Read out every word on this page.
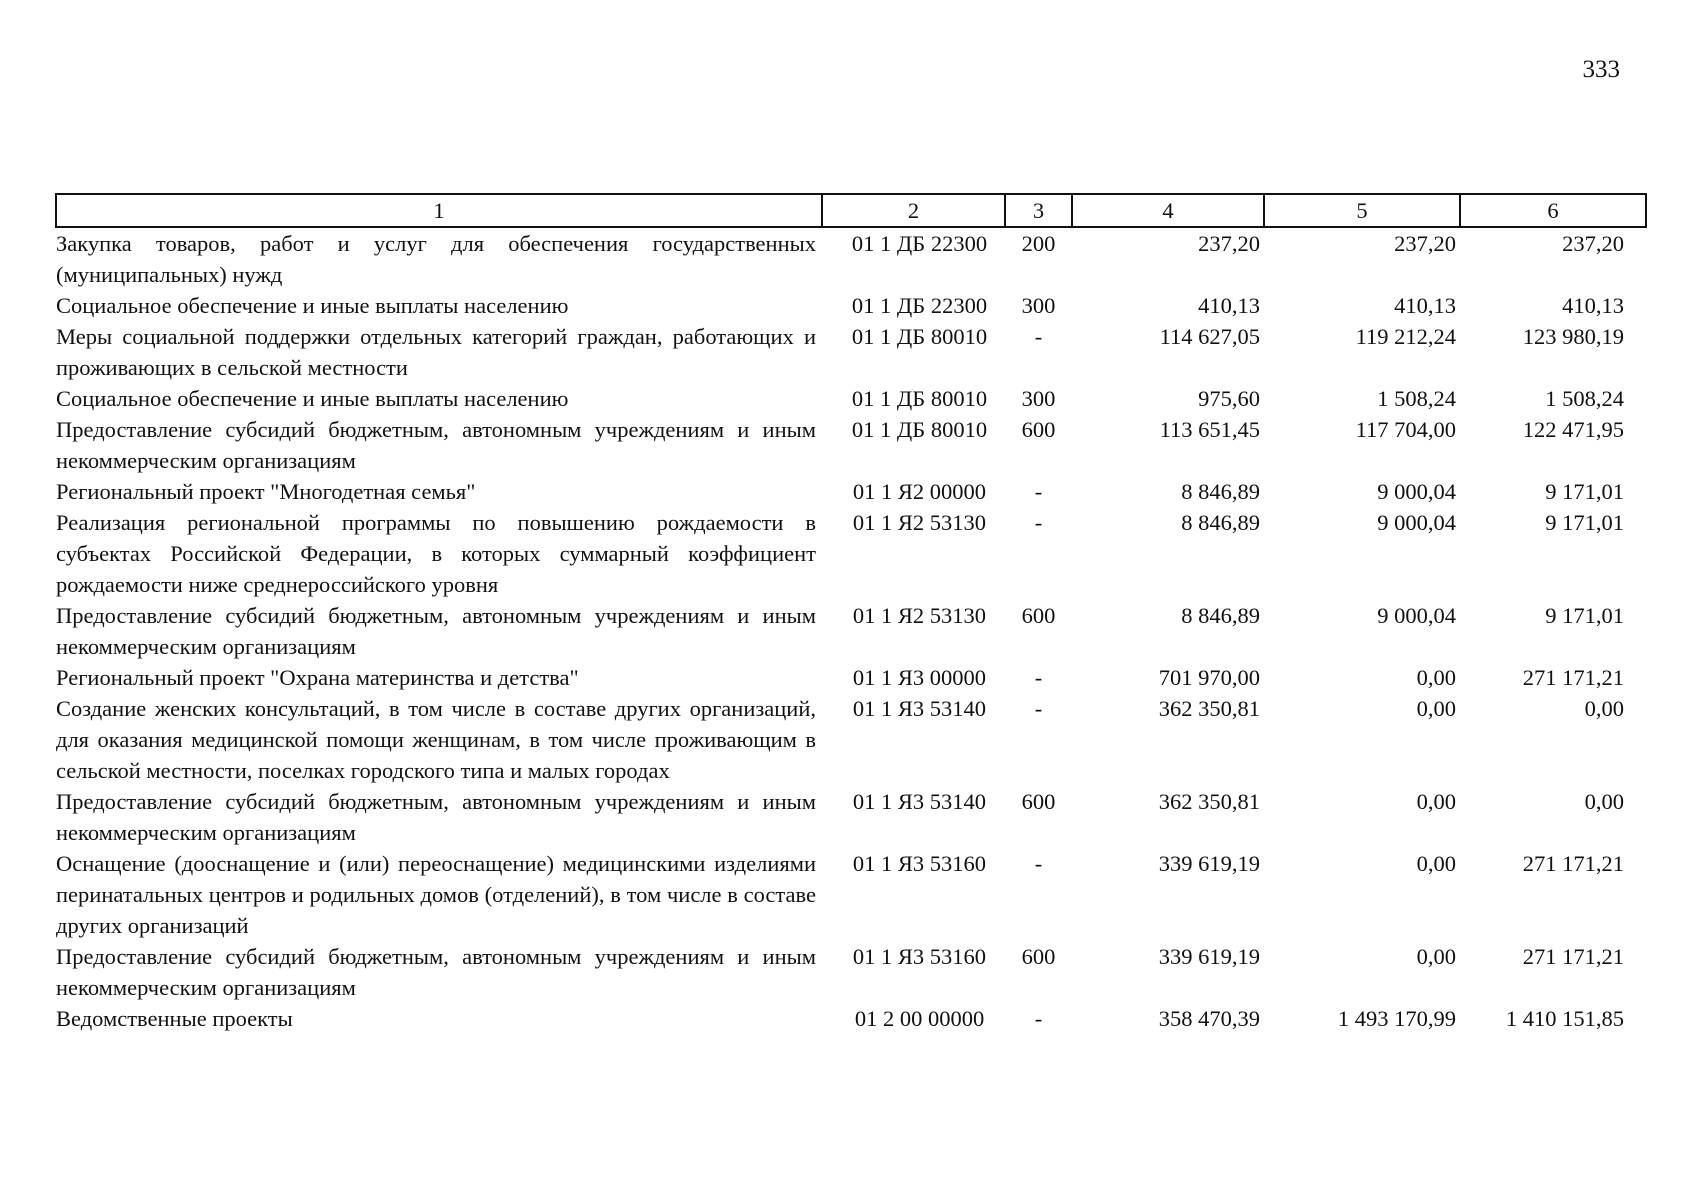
333
1	2	3	4	5	6
Закупка товаров, работ и услуг для обеспечения государственных (муниципальных) нужд	01 1 ДБ 22300	200	237,20	237,20	237,20
Социальное обеспечение и иные выплаты населению	01 1 ДБ 22300	300	410,13	410,13	410,13
Меры социальной поддержки отдельных категорий граждан, работающих и проживающих в сельской местности	01 1 ДБ 80010	-	114 627,05	119 212,24	123 980,19
Социальное обеспечение и иные выплаты населению	01 1 ДБ 80010	300	975,60	1 508,24	1 508,24
Предоставление субсидий бюджетным, автономным учреждениям и иным некоммерческим организациям	01 1 ДБ 80010	600	113 651,45	117 704,00	122 471,95
Региональный проект "Многодетная семья"	01 1 Я2 00000	-	8 846,89	9 000,04	9 171,01
Реализация региональной программы по повышению рождаемости в субъектах Российской Федерации, в которых суммарный коэффициент рождаемости ниже среднероссийского уровня	01 1 Я2 53130	-	8 846,89	9 000,04	9 171,01
Предоставление субсидий бюджетным, автономным учреждениям и иным некоммерческим организациям	01 1 Я2 53130	600	8 846,89	9 000,04	9 171,01
Региональный проект "Охрана материнства и детства"	01 1 Я3 00000	-	701 970,00	0,00	271 171,21
Создание женских консультаций, в том числе в составе других организаций, для оказания медицинской помощи женщинам, в том числе проживающим в сельской местности, поселках городского типа и малых городах	01 1 Я3 53140	-	362 350,81	0,00	0,00
Предоставление субсидий бюджетным, автономным учреждениям и иным некоммерческим организациям	01 1 Я3 53140	600	362 350,81	0,00	0,00
Оснащение (дооснащение и (или) переоснащение) медицинскими изделиями перинатальных центров и родильных домов (отделений), в том числе в составе других организаций	01 1 Я3 53160	-	339 619,19	0,00	271 171,21
Предоставление субсидий бюджетным, автономным учреждениям и иным некоммерческим организациям	01 1 Я3 53160	600	339 619,19	0,00	271 171,21
Ведомственные проекты	01 2 00 00000	-	358 470,39	1 493 170,99	1 410 151,85
